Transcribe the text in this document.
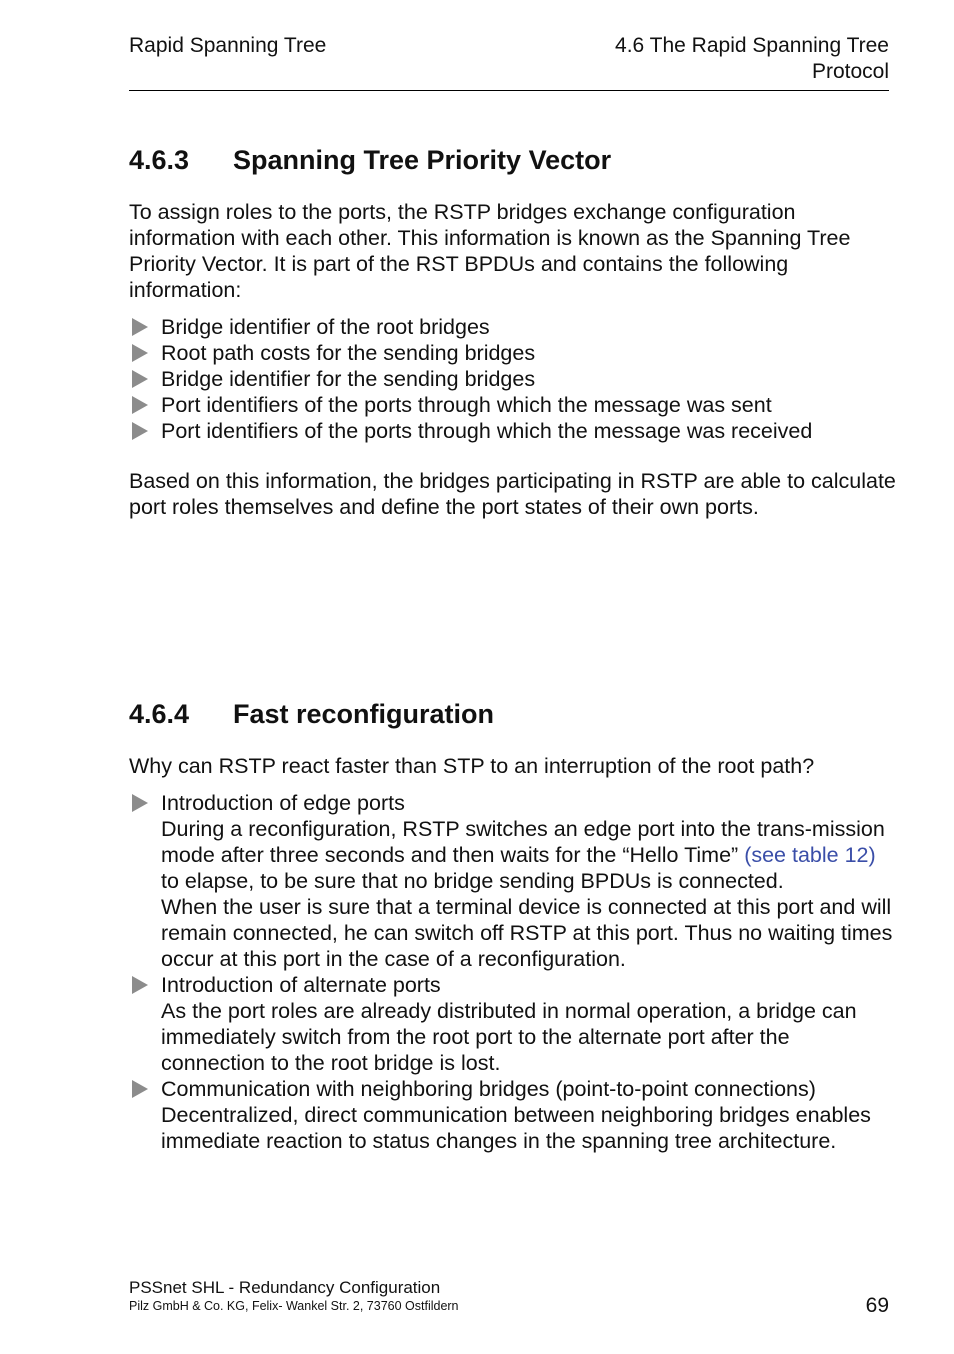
Rapid Spanning Tree	4.6 The Rapid Spanning Tree
Protocol
4.6.3 Spanning Tree Priority Vector
To assign roles to the ports, the RSTP bridges exchange configuration information with each other. This information is known as the Spanning Tree Priority Vector. It is part of the RST BPDUs and contains the following information:
Bridge identifier of the root bridges
Root path costs for the sending bridges
Bridge identifier for the sending bridges
Port identifiers of the ports through which the message was sent
Port identifiers of the ports through which the message was received
Based on this information, the bridges participating in RSTP are able to calculate port roles themselves and define the port states of their own ports.
4.6.4 Fast reconfiguration
Why can RSTP react faster than STP to an interruption of the root path?
Introduction of edge ports
During a reconfiguration, RSTP switches an edge port into the trans-mission mode after three seconds and then waits for the “Hello Time” (see table 12) to elapse, to be sure that no bridge sending BPDUs is connected.
When the user is sure that a terminal device is connected at this port and will remain connected, he can switch off RSTP at this port. Thus no waiting times occur at this port in the case of a reconfiguration.
Introduction of alternate ports
As the port roles are already distributed in normal operation, a bridge can immediately switch from the root port to the alternate port after the connection to the root bridge is lost.
Communication with neighboring bridges (point-to-point connections)
Decentralized, direct communication between neighboring bridges enables immediate reaction to status changes in the spanning tree architecture.
PSSnet SHL - Redundancy Configuration
Pilz GmbH & Co. KG, Felix- Wankel Str. 2, 73760 Ostfildern	69
